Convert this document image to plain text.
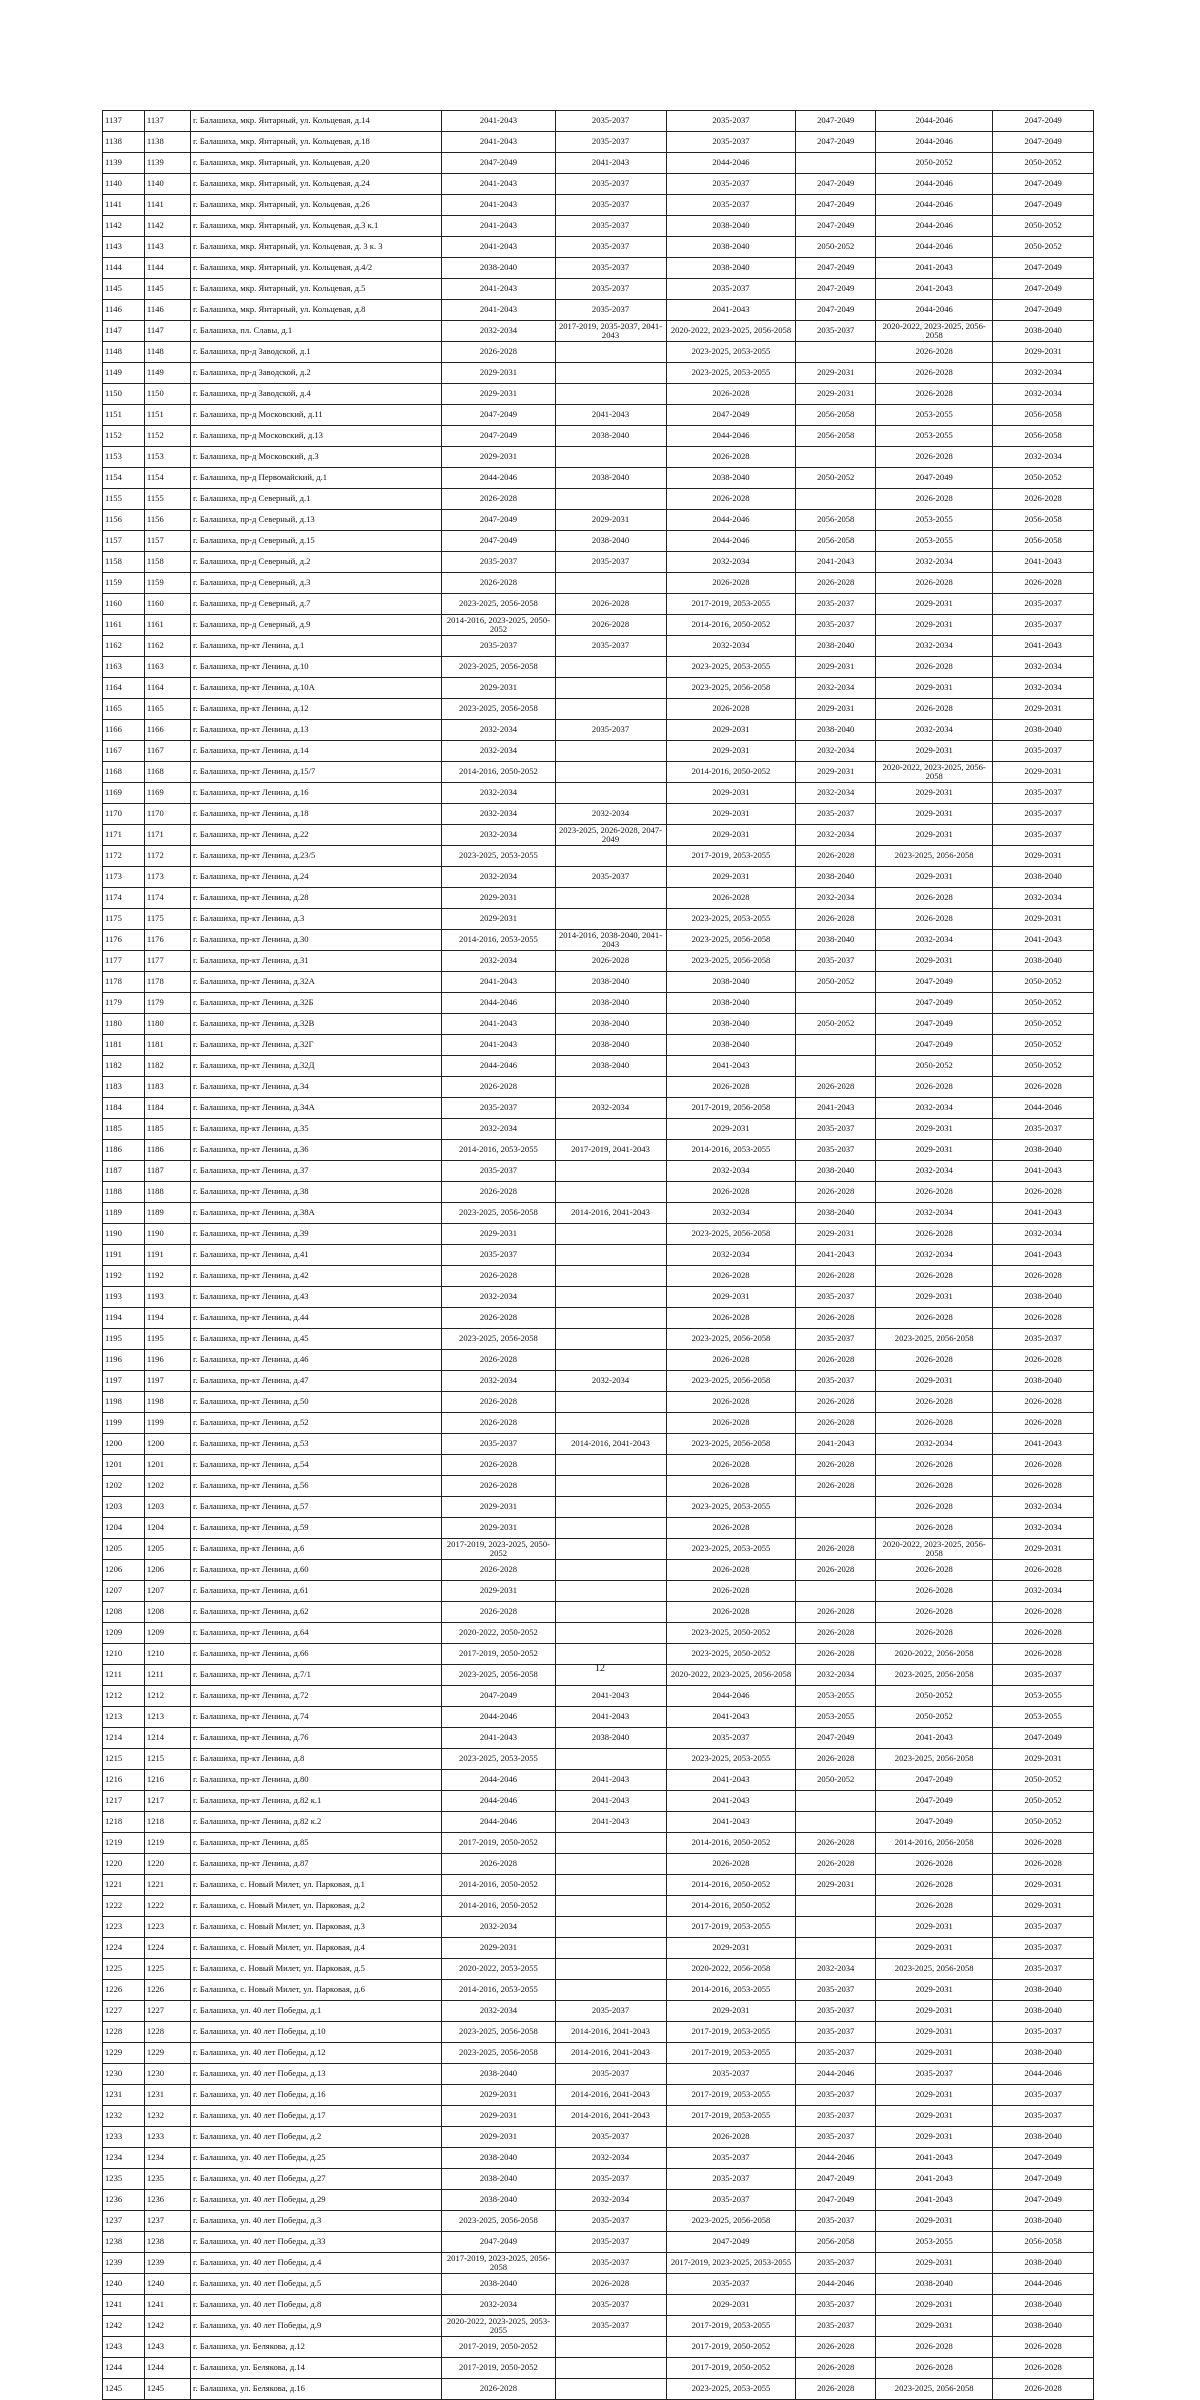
1137	1137	г. Балашиха, мкр. Янтарный, ул. Кольцевая, д.14	2041-2043	2035-2037	2035-2037	2047-2049	2044-2046	2047-2049
1138	1138	г. Балашиха, мкр. Янтарный, ул. Кольцевая, д.18	2041-2043	2035-2037	2035-2037	2047-2049	2044-2046	2047-2049
1139	1139	г. Балашиха, мкр. Янтарный, ул. Кольцевая, д.20	2047-2049	2041-2043	2044-2046		2050-2052	2050-2052
1140	1140	г. Балашиха, мкр. Янтарный, ул. Кольцевая, д.24	2041-2043	2035-2037	2035-2037	2047-2049	2044-2046	2047-2049
1141	1141	г. Балашиха, мкр. Янтарный, ул. Кольцевая, д.26	2041-2043	2035-2037	2035-2037	2047-2049	2044-2046	2047-2049
1142	1142	г. Балашиха, мкр. Янтарный, ул. Кольцевая, д.3 к.1	2041-2043	2035-2037	2038-2040	2047-2049	2044-2046	2050-2052
1143	1143	г. Балашиха, мкр. Янтарный, ул. Кольцевая, д. 3 к. 3	2041-2043	2035-2037	2038-2040	2050-2052	2044-2046	2050-2052
1144	1144	г. Балашиха, мкр. Янтарный, ул. Кольцевая, д.4/2	2038-2040	2035-2037	2038-2040	2047-2049	2041-2043	2047-2049
1145	1145	г. Балашиха, мкр. Янтарный, ул. Кольцевая, д.5	2041-2043	2035-2037	2035-2037	2047-2049	2041-2043	2047-2049
1146	1146	г. Балашиха, мкр. Янтарный, ул. Кольцевая, д.8	2041-2043	2035-2037	2041-2043	2047-2049	2044-2046	2047-2049
1147	1147	г. Балашиха, пл. Славы, д.1	2032-2034	2017-2019, 2035-2037, 2041-2043	2020-2022, 2023-2025, 2056-2058	2035-2037	2020-2022, 2023-2025, 2056-2058	2038-2040
1148	1148	г. Балашиха, пр-д Заводской, д.1	2026-2028		2023-2025, 2053-2055		2026-2028	2029-2031
1149	1149	г. Балашиха, пр-д Заводской, д.2	2029-2031		2023-2025, 2053-2055	2029-2031	2026-2028	2032-2034
1150	1150	г. Балашиха, пр-д Заводской, д.4	2029-2031		2026-2028	2029-2031	2026-2028	2032-2034
1151	1151	г. Балашиха, пр-д Московский, д.11	2047-2049	2041-2043	2047-2049	2056-2058	2053-2055	2056-2058
1152	1152	г. Балашиха, пр-д Московский, д.13	2047-2049	2038-2040	2044-2046	2056-2058	2053-2055	2056-2058
1153	1153	г. Балашиха, пр-д Московский, д.3	2029-2031		2026-2028		2026-2028	2032-2034
1154	1154	г. Балашиха, пр-д Первомайский, д.1	2044-2046	2038-2040	2038-2040	2050-2052	2047-2049	2050-2052
1155	1155	г. Балашиха, пр-д Северный, д.1	2026-2028		2026-2028		2026-2028	2026-2028
1156	1156	г. Балашиха, пр-д Северный, д.13	2047-2049	2029-2031	2044-2046	2056-2058	2053-2055	2056-2058
1157	1157	г. Балашиха, пр-д Северный, д.15	2047-2049	2038-2040	2044-2046	2056-2058	2053-2055	2056-2058
1158	1158	г. Балашиха, пр-д Северный, д.2	2035-2037	2035-2037	2032-2034	2041-2043	2032-2034	2041-2043
1159	1159	г. Балашиха, пр-д Северный, д.3	2026-2028		2026-2028	2026-2028	2026-2028	2026-2028
1160	1160	г. Балашиха, пр-д Северный, д.7	2023-2025, 2056-2058	2026-2028	2017-2019, 2053-2055	2035-2037	2029-2031	2035-2037
1161	1161	г. Балашиха, пр-д Северный, д.9	2014-2016, 2023-2025, 2050-2052	2026-2028	2014-2016, 2050-2052	2035-2037	2029-2031	2035-2037
1162	1162	г. Балашиха, пр-кт Ленина, д.1	2035-2037	2035-2037	2032-2034	2038-2040	2032-2034	2041-2043
1163	1163	г. Балашиха, пр-кт Ленина, д.10	2023-2025, 2056-2058		2023-2025, 2053-2055	2029-2031	2026-2028	2032-2034
1164	1164	г. Балашиха, пр-кт Ленина, д.10А	2029-2031		2023-2025, 2056-2058	2032-2034	2029-2031	2032-2034
1165	1165	г. Балашиха, пр-кт Ленина, д.12	2023-2025, 2056-2058		2026-2028	2029-2031	2026-2028	2029-2031
1166	1166	г. Балашиха, пр-кт Ленина, д.13	2032-2034	2035-2037	2029-2031	2038-2040	2032-2034	2038-2040
1167	1167	г. Балашиха, пр-кт Ленина, д.14	2032-2034		2029-2031	2032-2034	2029-2031	2035-2037
1168	1168	г. Балашиха, пр-кт Ленина, д.15/7	2014-2016, 2050-2052		2014-2016, 2050-2052	2029-2031	2020-2022, 2023-2025, 2056-2058	2029-2031
1169	1169	г. Балашиха, пр-кт Ленина, д.16	2032-2034		2029-2031	2032-2034	2029-2031	2035-2037
1170	1170	г. Балашиха, пр-кт Ленина, д.18	2032-2034	2032-2034	2029-2031	2035-2037	2029-2031	2035-2037
1171	1171	г. Балашиха, пр-кт Ленина, д.22	2032-2034	2023-2025, 2026-2028, 2047-2049	2029-2031	2032-2034	2029-2031	2035-2037
1172	1172	г. Балашиха, пр-кт Ленина, д.23/5	2023-2025, 2053-2055		2017-2019, 2053-2055	2026-2028	2023-2025, 2056-2058	2029-2031
1173	1173	г. Балашиха, пр-кт Ленина, д.24	2032-2034	2035-2037	2029-2031	2038-2040	2029-2031	2038-2040
1174	1174	г. Балашиха, пр-кт Ленина, д.28	2029-2031		2026-2028	2032-2034	2026-2028	2032-2034
1175	1175	г. Балашиха, пр-кт Ленина, д.3	2029-2031		2023-2025, 2053-2055	2026-2028	2026-2028	2029-2031
1176	1176	г. Балашиха, пр-кт Ленина, д.30	2014-2016, 2053-2055	2014-2016, 2038-2040, 2041-2043	2023-2025, 2056-2058	2038-2040	2032-2034	2041-2043
1177	1177	г. Балашиха, пр-кт Ленина, д.31	2032-2034	2026-2028	2023-2025, 2056-2058	2035-2037	2029-2031	2038-2040
1178	1178	г. Балашиха, пр-кт Ленина, д.32А	2041-2043	2038-2040	2038-2040	2050-2052	2047-2049	2050-2052
1179	1179	г. Балашиха, пр-кт Ленина, д.32Б	2044-2046	2038-2040	2038-2040		2047-2049	2050-2052
1180	1180	г. Балашиха, пр-кт Ленина, д.32В	2041-2043	2038-2040	2038-2040	2050-2052	2047-2049	2050-2052
1181	1181	г. Балашиха, пр-кт Ленина, д.32Г	2041-2043	2038-2040	2038-2040		2047-2049	2050-2052
1182	1182	г. Балашиха, пр-кт Ленина, д.32Д	2044-2046	2038-2040	2041-2043		2050-2052	2050-2052
1183	1183	г. Балашиха, пр-кт Ленина, д.34	2026-2028		2026-2028	2026-2028	2026-2028	2026-2028
1184	1184	г. Балашиха, пр-кт Ленина, д.34А	2035-2037	2032-2034	2017-2019, 2056-2058	2041-2043	2032-2034	2044-2046
1185	1185	г. Балашиха, пр-кт Ленина, д.35	2032-2034		2029-2031	2035-2037	2029-2031	2035-2037
1186	1186	г. Балашиха, пр-кт Ленина, д.36	2014-2016, 2053-2055	2017-2019, 2041-2043	2014-2016, 2053-2055	2035-2037	2029-2031	2038-2040
1187	1187	г. Балашиха, пр-кт Ленина, д.37	2035-2037		2032-2034	2038-2040	2032-2034	2041-2043
1188	1188	г. Балашиха, пр-кт Ленина, д.38	2026-2028		2026-2028	2026-2028	2026-2028	2026-2028
1189	1189	г. Балашиха, пр-кт Ленина, д.38А	2023-2025, 2056-2058	2014-2016, 2041-2043	2032-2034	2038-2040	2032-2034	2041-2043
1190	1190	г. Балашиха, пр-кт Ленина, д.39	2029-2031		2023-2025, 2056-2058	2029-2031	2026-2028	2032-2034
1191	1191	г. Балашиха, пр-кт Ленина, д.41	2035-2037		2032-2034	2041-2043	2032-2034	2041-2043
1192	1192	г. Балашиха, пр-кт Ленина, д.42	2026-2028		2026-2028	2026-2028	2026-2028	2026-2028
1193	1193	г. Балашиха, пр-кт Ленина, д.43	2032-2034		2029-2031	2035-2037	2029-2031	2038-2040
1194	1194	г. Балашиха, пр-кт Ленина, д.44	2026-2028		2026-2028	2026-2028	2026-2028	2026-2028
1195	1195	г. Балашиха, пр-кт Ленина, д.45	2023-2025, 2056-2058		2023-2025, 2056-2058	2035-2037	2023-2025, 2056-2058	2035-2037
1196	1196	г. Балашиха, пр-кт Ленина, д.46	2026-2028		2026-2028	2026-2028	2026-2028	2026-2028
1197	1197	г. Балашиха, пр-кт Ленина, д.47	2032-2034	2032-2034	2023-2025, 2056-2058	2035-2037	2029-2031	2038-2040
1198	1198	г. Балашиха, пр-кт Ленина, д.50	2026-2028		2026-2028	2026-2028	2026-2028	2026-2028
1199	1199	г. Балашиха, пр-кт Ленина, д.52	2026-2028		2026-2028	2026-2028	2026-2028	2026-2028
1200	1200	г. Балашиха, пр-кт Ленина, д.53	2035-2037	2014-2016, 2041-2043	2023-2025, 2056-2058	2041-2043	2032-2034	2041-2043
1201	1201	г. Балашиха, пр-кт Ленина, д.54	2026-2028		2026-2028	2026-2028	2026-2028	2026-2028
1202	1202	г. Балашиха, пр-кт Ленина, д.56	2026-2028		2026-2028	2026-2028	2026-2028	2026-2028
1203	1203	г. Балашиха, пр-кт Ленина, д.57	2029-2031		2023-2025, 2053-2055		2026-2028	2032-2034
1204	1204	г. Балашиха, пр-кт Ленина, д.59	2029-2031		2026-2028		2026-2028	2032-2034
1205	1205	г. Балашиха, пр-кт Ленина, д.6	2017-2019, 2023-2025, 2050-2052		2023-2025, 2053-2055	2026-2028	2020-2022, 2023-2025, 2056-2058	2029-2031
1206	1206	г. Балашиха, пр-кт Ленина, д.60	2026-2028		2026-2028	2026-2028	2026-2028	2026-2028
1207	1207	г. Балашиха, пр-кт Ленина, д.61	2029-2031		2026-2028		2026-2028	2032-2034
1208	1208	г. Балашиха, пр-кт Ленина, д.62	2026-2028		2026-2028	2026-2028	2026-2028	2026-2028
1209	1209	г. Балашиха, пр-кт Ленина, д.64	2020-2022, 2050-2052		2023-2025, 2050-2052	2026-2028	2026-2028	2026-2028
1210	1210	г. Балашиха, пр-кт Ленина, д.66	2017-2019, 2050-2052		2023-2025, 2050-2052	2026-2028	2020-2022, 2056-2058	2026-2028
1211	1211	г. Балашиха, пр-кт Ленина, д.7/1	2023-2025, 2056-2058		2020-2022, 2023-2025, 2056-2058	2032-2034	2023-2025, 2056-2058	2035-2037
1212	1212	г. Балашиха, пр-кт Ленина, д.72	2047-2049	2041-2043	2044-2046	2053-2055	2050-2052	2053-2055
1213	1213	г. Балашиха, пр-кт Ленина, д.74	2044-2046	2041-2043	2041-2043	2053-2055	2050-2052	2053-2055
1214	1214	г. Балашиха, пр-кт Ленина, д.76	2041-2043	2038-2040	2035-2037	2047-2049	2041-2043	2047-2049
1215	1215	г. Балашиха, пр-кт Ленина, д.8	2023-2025, 2053-2055		2023-2025, 2053-2055	2026-2028	2023-2025, 2056-2058	2029-2031
1216	1216	г. Балашиха, пр-кт Ленина, д.80	2044-2046	2041-2043	2041-2043	2050-2052	2047-2049	2050-2052
1217	1217	г. Балашиха, пр-кт Ленина, д.82 к.1	2044-2046	2041-2043	2041-2043		2047-2049	2050-2052
1218	1218	г. Балашиха, пр-кт Ленина, д.82 к.2	2044-2046	2041-2043	2041-2043		2047-2049	2050-2052
1219	1219	г. Балашиха, пр-кт Ленина, д.85	2017-2019, 2050-2052		2014-2016, 2050-2052	2026-2028	2014-2016, 2056-2058	2026-2028
1220	1220	г. Балашиха, пр-кт Ленина, д.87	2026-2028		2026-2028	2026-2028	2026-2028	2026-2028
1221	1221	г. Балашиха, с. Новый Милет, ул. Парковая, д.1	2014-2016, 2050-2052		2014-2016, 2050-2052	2029-2031	2026-2028	2029-2031
1222	1222	г. Балашиха, с. Новый Милет, ул. Парковая, д.2	2014-2016, 2050-2052		2014-2016, 2050-2052		2026-2028	2029-2031
1223	1223	г. Балашиха, с. Новый Милет, ул. Парковая, д.3	2032-2034		2017-2019, 2053-2055		2029-2031	2035-2037
1224	1224	г. Балашиха, с. Новый Милет, ул. Парковая, д.4	2029-2031		2029-2031		2029-2031	2035-2037
1225	1225	г. Балашиха, с. Новый Милет, ул. Парковая, д.5	2020-2022, 2053-2055		2020-2022, 2056-2058	2032-2034	2023-2025, 2056-2058	2035-2037
1226	1226	г. Балашиха, с. Новый Милет, ул. Парковая, д.6	2014-2016, 2053-2055		2014-2016, 2053-2055	2035-2037	2029-2031	2038-2040
1227	1227	г. Балашиха, ул. 40 лет Победы, д.1	2032-2034	2035-2037	2029-2031	2035-2037	2029-2031	2038-2040
1228	1228	г. Балашиха, ул. 40 лет Победы, д.10	2023-2025, 2056-2058	2014-2016, 2041-2043	2017-2019, 2053-2055	2035-2037	2029-2031	2035-2037
1229	1229	г. Балашиха, ул. 40 лет Победы, д.12	2023-2025, 2056-2058	2014-2016, 2041-2043	2017-2019, 2053-2055	2035-2037	2029-2031	2038-2040
1230	1230	г. Балашиха, ул. 40 лет Победы, д.13	2038-2040	2035-2037	2035-2037	2044-2046	2035-2037	2044-2046
1231	1231	г. Балашиха, ул. 40 лет Победы, д.16	2029-2031	2014-2016, 2041-2043	2017-2019, 2053-2055	2035-2037	2029-2031	2035-2037
1232	1232	г. Балашиха, ул. 40 лет Победы, д.17	2029-2031	2014-2016, 2041-2043	2017-2019, 2053-2055	2035-2037	2029-2031	2035-2037
1233	1233	г. Балашиха, ул. 40 лет Победы, д.2	2029-2031	2035-2037	2026-2028	2035-2037	2029-2031	2038-2040
1234	1234	г. Балашиха, ул. 40 лет Победы, д.25	2038-2040	2032-2034	2035-2037	2044-2046	2041-2043	2047-2049
1235	1235	г. Балашиха, ул. 40 лет Победы, д.27	2038-2040	2035-2037	2035-2037	2047-2049	2041-2043	2047-2049
1236	1236	г. Балашиха, ул. 40 лет Победы, д.29	2038-2040	2032-2034	2035-2037	2047-2049	2041-2043	2047-2049
1237	1237	г. Балашиха, ул. 40 лет Победы, д.3	2023-2025, 2056-2058	2035-2037	2023-2025, 2056-2058	2035-2037	2029-2031	2038-2040
1238	1238	г. Балашиха, ул. 40 лет Победы, д.33	2047-2049	2035-2037	2047-2049	2056-2058	2053-2055	2056-2058
1239	1239	г. Балашиха, ул. 40 лет Победы, д.4	2017-2019, 2023-2025, 2056-2058	2035-2037	2017-2019, 2023-2025, 2053-2055	2035-2037	2029-2031	2038-2040
1240	1240	г. Балашиха, ул. 40 лет Победы, д.5	2038-2040	2026-2028	2035-2037	2044-2046	2038-2040	2044-2046
1241	1241	г. Балашиха, ул. 40 лет Победы, д.8	2032-2034	2035-2037	2029-2031	2035-2037	2029-2031	2038-2040
1242	1242	г. Балашиха, ул. 40 лет Победы, д.9	2020-2022, 2023-2025, 2053-2055	2035-2037	2017-2019, 2053-2055	2035-2037	2029-2031	2038-2040
1243	1243	г. Балашиха, ул. Белякова, д.12	2017-2019, 2050-2052		2017-2019, 2050-2052	2026-2028	2026-2028	2026-2028
1244	1244	г. Балашиха, ул. Белякова, д.14	2017-2019, 2050-2052		2017-2019, 2050-2052	2026-2028	2026-2028	2026-2028
1245	1245	г. Балашиха, ул. Белякова, д.16	2026-2028		2023-2025, 2053-2055	2026-2028	2023-2025, 2056-2058	2026-2028
12
